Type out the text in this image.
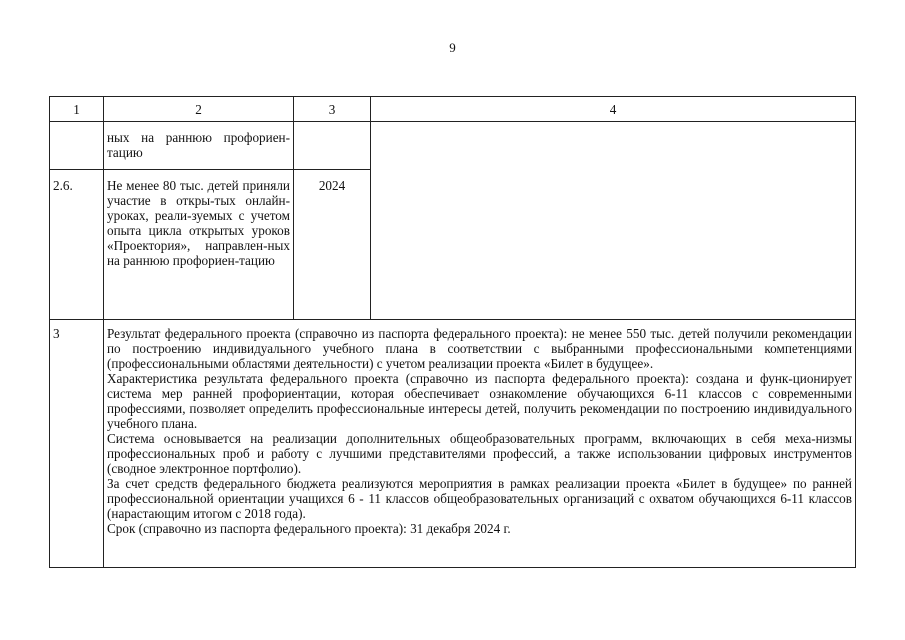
9
1	2	3	4
	ных на раннюю профориен-тацию		
2.6.	Не менее 80 тыс. детей приняли участие в откры-тых онлайн-уроках, реали-зуемых с учетом опыта цикла открытых уроков «Проектория», направлен-ных на раннюю профориен-тацию	2024	
3	Результат федерального проекта (справочно из паспорта федерального проекта): не менее 550 тыс. детей получили рекомендации по построению индивидуального учебного плана в соответствии с выбранными профессиональными компетенциями (профессиональными областями деятельности) с учетом реализации проекта «Билет в будущее».

Характеристика результата федерального проекта (справочно из паспорта федерального проекта): создана и функ-ционирует система мер ранней профориентации, которая обеспечивает ознакомление обучающихся 6-11 классов с современными профессиями, позволяет определить профессиональные интересы детей, получить рекомендации по построению индивидуального учебного плана.

Система основывается на реализации дополнительных общеобразовательных программ, включающих в себя меха-низмы профессиональных проб и работу с лучшими представителями профессий, а также использовании цифровых инструментов (сводное электронное портфолио).

За счет средств федерального бюджета реализуются мероприятия в рамках реализации проекта «Билет в будущее» по ранней профессиональной ориентации учащихся 6 - 11 классов общеобразовательных организаций с охватом обучающихся 6-11 классов (нарастающим итогом с 2018 года).

Срок (справочно из паспорта федерального проекта): 31 декабря 2024 г.		
